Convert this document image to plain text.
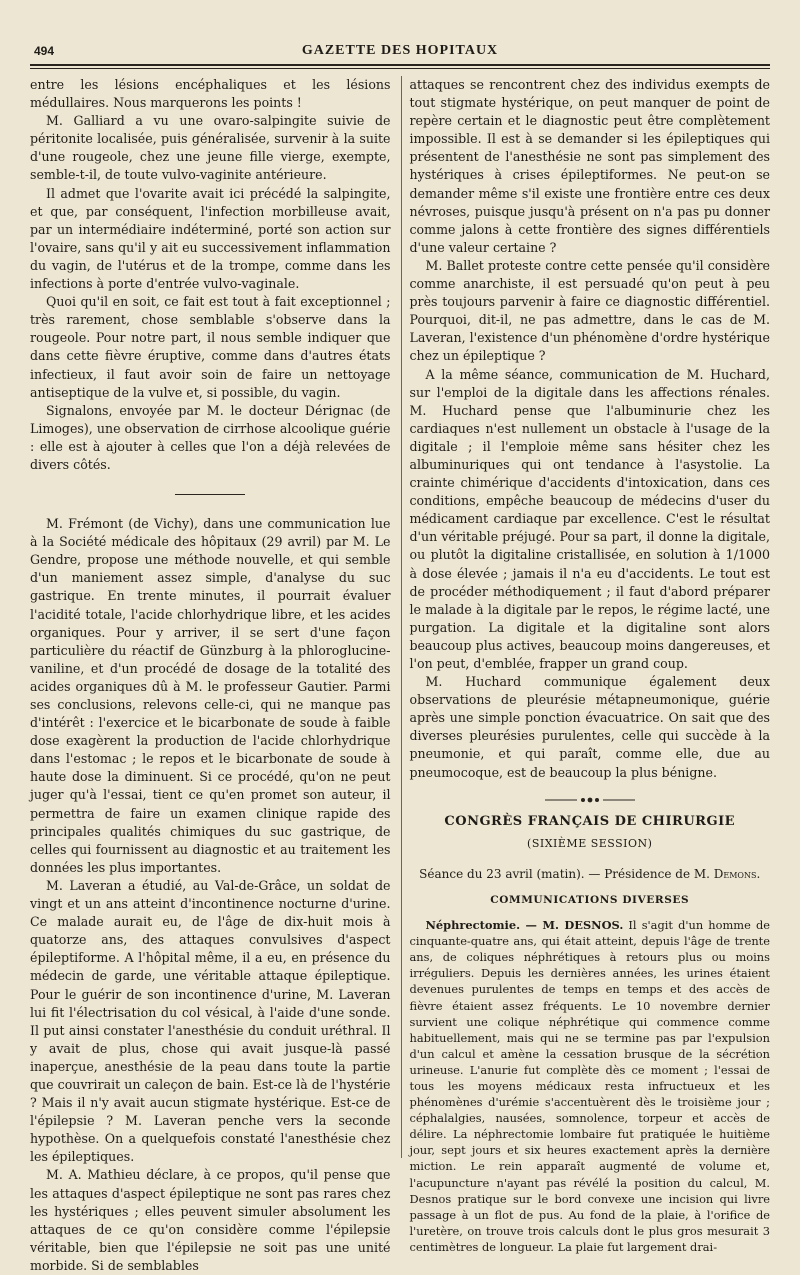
494	GAZETTE DES HOPITAUX

entre les lésions encéphaliques et les lésions médullaires. Nous marquerons les points !

M. Galliard a vu une ovaro-salpingite suivie de péritonite localisée, puis généralisée, survenir à la suite d'une rougeole, chez une jeune fille vierge, exempte, semble-t-il, de toute vulvo-vaginite antérieure.

Il admet que l'ovarite avait ici précédé la salpingite, et que, par conséquent, l'infection morbilleuse avait, par un intermédiaire indéterminé, porté son action sur l'ovaire, sans qu'il y ait eu successivement inflammation du vagin, de l'utérus et de la trompe, comme dans les infections à porte d'entrée vulvo-vaginale.

Quoi qu'il en soit, ce fait est tout à fait exceptionnel ; très rarement, chose semblable s'observe dans la rougeole. Pour notre part, il nous semble indiquer que dans cette fièvre éruptive, comme dans d'autres états infectieux, il faut avoir soin de faire un nettoyage antiseptique de la vulve et, si possible, du vagin.

Signalons, envoyée par M. le docteur Dérignac (de Limoges), une observation de cirrhose alcoolique guérie : elle est à ajouter à celles que l'on a déjà relevées de divers côtés.

M. Frémont (de Vichy), dans une communication lue à la Société médicale des hôpitaux (29 avril) par M. Le Gendre, propose une méthode nouvelle, et qui semble d'un maniement assez simple, d'analyse du suc gastrique. En trente minutes, il pourrait évaluer l'acidité totale, l'acide chlorhydrique libre, et les acides organiques. Pour y arriver, il se sert d'une façon particulière du réactif de Günzburg à la phloroglucine-vaniline, et d'un procédé de dosage de la totalité des acides organiques dû à M. le professeur Gautier. Parmi ses conclusions, relevons celle-ci, qui ne manque pas d'intérêt : l'exercice et le bicarbonate de soude à faible dose exagèrent la production de l'acide chlorhydrique dans l'estomac ; le repos et le bicarbonate de soude à haute dose la diminuent. Si ce procédé, qu'on ne peut juger qu'à l'essai, tient ce qu'en promet son auteur, il permettra de faire un examen clinique rapide des principales qualités chimiques du suc gastrique, de celles qui fournissent au diagnostic et au traitement les données les plus importantes.

M. Laveran a étudié, au Val-de-Grâce, un soldat de vingt et un ans atteint d'incontinence nocturne d'urine. Ce malade aurait eu, de l'âge de dix-huit mois à quatorze ans, des attaques convulsives d'aspect épileptiforme. A l'hôpital même, il a eu, en présence du médecin de garde, une véritable attaque épileptique. Pour le guérir de son incontinence d'urine, M. Laveran lui fit l'électrisation du col vésical, à l'aide d'une sonde. Il put ainsi constater l'anesthésie du conduit uréthral. Il y avait de plus, chose qui avait jusque-là passé inaperçue, anesthésie de la peau dans toute la partie que couvrirait un caleçon de bain. Est-ce là de l'hystérie ? Mais il n'y avait aucun stigmate hystérique. Est-ce de l'épilepsie ? M. Laveran penche vers la seconde hypothèse. On a quelquefois constaté l'anesthésie chez les épileptiques.

M. A. Mathieu déclare, à ce propos, qu'il pense que les attaques d'aspect épileptique ne sont pas rares chez les hystériques ; elles peuvent simuler absolument les attaques de ce qu'on considère comme l'épilepsie véritable, bien que l'épilepsie ne soit pas une unité morbide. Si de semblables

attaques se rencontrent chez des individus exempts de tout stigmate hystérique, on peut manquer de point de repère certain et le diagnostic peut être complètement impossible. Il est à se demander si les épileptiques qui présentent de l'anesthésie ne sont pas simplement des hystériques à crises épileptiformes. Ne peut-on se demander même s'il existe une frontière entre ces deux névroses, puisque jusqu'à présent on n'a pas pu donner comme jalons à cette frontière des signes différentiels d'une valeur certaine ?

M. Ballet proteste contre cette pensée qu'il considère comme anarchiste, il est persuadé qu'on peut à peu près toujours parvenir à faire ce diagnostic différentiel. Pourquoi, dit-il, ne pas admettre, dans le cas de M. Laveran, l'existence d'un phénomène d'ordre hystérique chez un épileptique ?

A la même séance, communication de M. Huchard, sur l'emploi de la digitale dans les affections rénales. M. Huchard pense que l'albuminurie chez les cardiaques n'est nullement un obstacle à l'usage de la digitale ; il l'emploie même sans hésiter chez les albuminuriques qui ont tendance à l'asystolie. La crainte chimérique d'accidents d'intoxication, dans ces conditions, empêche beaucoup de médecins d'user du médicament cardiaque par excellence. C'est le résultat d'un véritable préjugé. Pour sa part, il donne la digitale, ou plutôt la digitaline cristallisée, en solution à 1/1000 à dose élevée ; jamais il n'a eu d'accidents. Le tout est de procéder méthodiquement ; il faut d'abord préparer le malade à la digitale par le repos, le régime lacté, une purgation. La digitale et la digitaline sont alors beaucoup plus actives, beaucoup moins dangereuses, et l'on peut, d'emblée, frapper un grand coup.

M. Huchard communique également deux observations de pleurésie métapneumonique, guérie après une simple ponction évacuatrice. On sait que des diverses pleurésies purulentes, celle qui succède à la pneumonie, et qui paraît, comme elle, due au pneumocoque, est de beaucoup la plus bénigne.

CONGRÈS FRANÇAIS DE CHIRURGIE
(SIXIÈME SESSION)
Séance du 23 avril (matin). — Présidence de M. Demons.
COMMUNICATIONS DIVERSES

Néphrectomie. — M. DESNOS. Il s'agit d'un homme de cinquante-quatre ans, qui était atteint, depuis l'âge de trente ans, de coliques néphrétiques à retours plus ou moins irréguliers. Depuis les dernières années, les urines étaient devenues purulentes de temps en temps et des accès de fièvre étaient assez fréquents. Le 10 novembre dernier survient une colique néphrétique qui commence comme habituellement, mais qui ne se termine pas par l'expulsion d'un calcul et amène la cessation brusque de la sécrétion urineuse. L'anurie fut complète dès ce moment ; l'essai de tous les moyens médicaux resta infructueux et les phénomènes d'urémie s'accentuèrent dès le troisième jour ; céphalalgies, nausées, somnolence, torpeur et accès de délire. La néphrectomie lombaire fut pratiquée le huitième jour, sept jours et six heures exactement après la dernière miction. Le rein apparaît augmenté de volume et, l'acupuncture n'ayant pas révélé la position du calcul, M. Desnos pratique sur le bord convexe une incision qui livre passage à un flot de pus. Au fond de la plaie, à l'orifice de l'uretère, on trouve trois calculs dont le plus gros mesurait 3 centimètres de longueur. La plaie fut largement drai-
